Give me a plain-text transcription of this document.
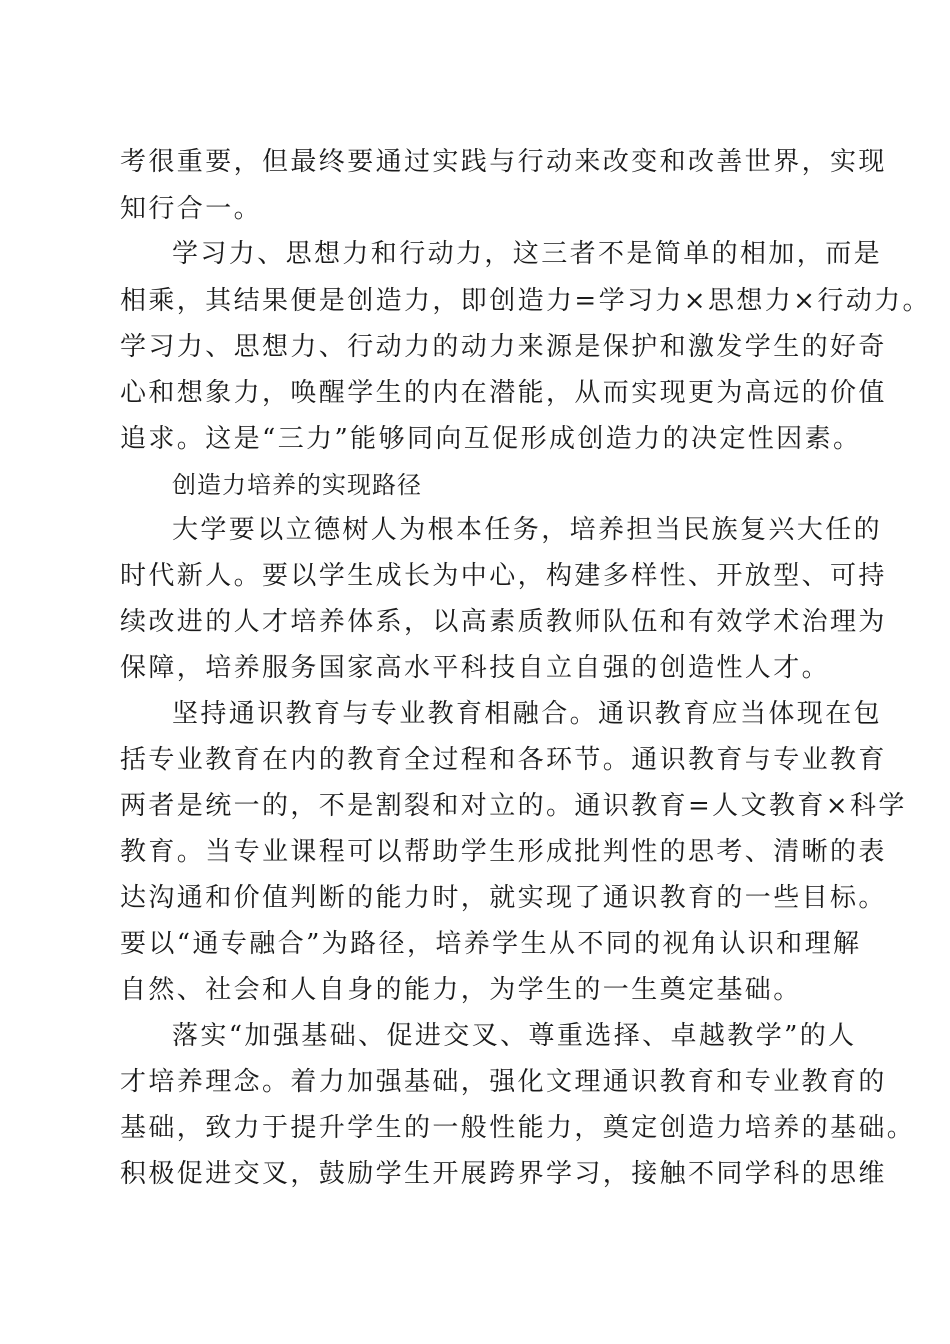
考很重要，但最终要通过实践与行动来改变和改善世界，实现
知行合一。
学习力、思想力和行动力，这三者不是简单的相加，而是
相乘，其结果便是创造力，即创造力=学习力×思想力×行动力。
学习力、思想力、行动力的动力来源是保护和激发学生的好奇
心和想象力，唤醒学生的内在潜能，从而实现更为高远的价值
追求。这是“三力”能够同向互促形成创造力的决定性因素。
创造力培养的实现路径
大学要以立德树人为根本任务，培养担当民族复兴大任的
时代新人。要以学生成长为中心，构建多样性、开放型、可持
续改进的人才培养体系，以高素质教师队伍和有效学术治理为
保障，培养服务国家高水平科技自立自强的创造性人才。
坚持通识教育与专业教育相融合。通识教育应当体现在包
括专业教育在内的教育全过程和各环节。通识教育与专业教育
两者是统一的，不是割裂和对立的。通识教育=人文教育×科学
教育。当专业课程可以帮助学生形成批判性的思考、清晰的表
达沟通和价值判断的能力时，就实现了通识教育的一些目标。
要以“通专融合”为路径，培养学生从不同的视角认识和理解
自然、社会和人自身的能力，为学生的一生奠定基础。
落实“加强基础、促进交叉、尊重选择、卓越教学”的人
才培养理念。着力加强基础，强化文理通识教育和专业教育的
基础，致力于提升学生的一般性能力，奠定创造力培养的基础。
积极促进交叉，鼓励学生开展跨界学习，接触不同学科的思维
